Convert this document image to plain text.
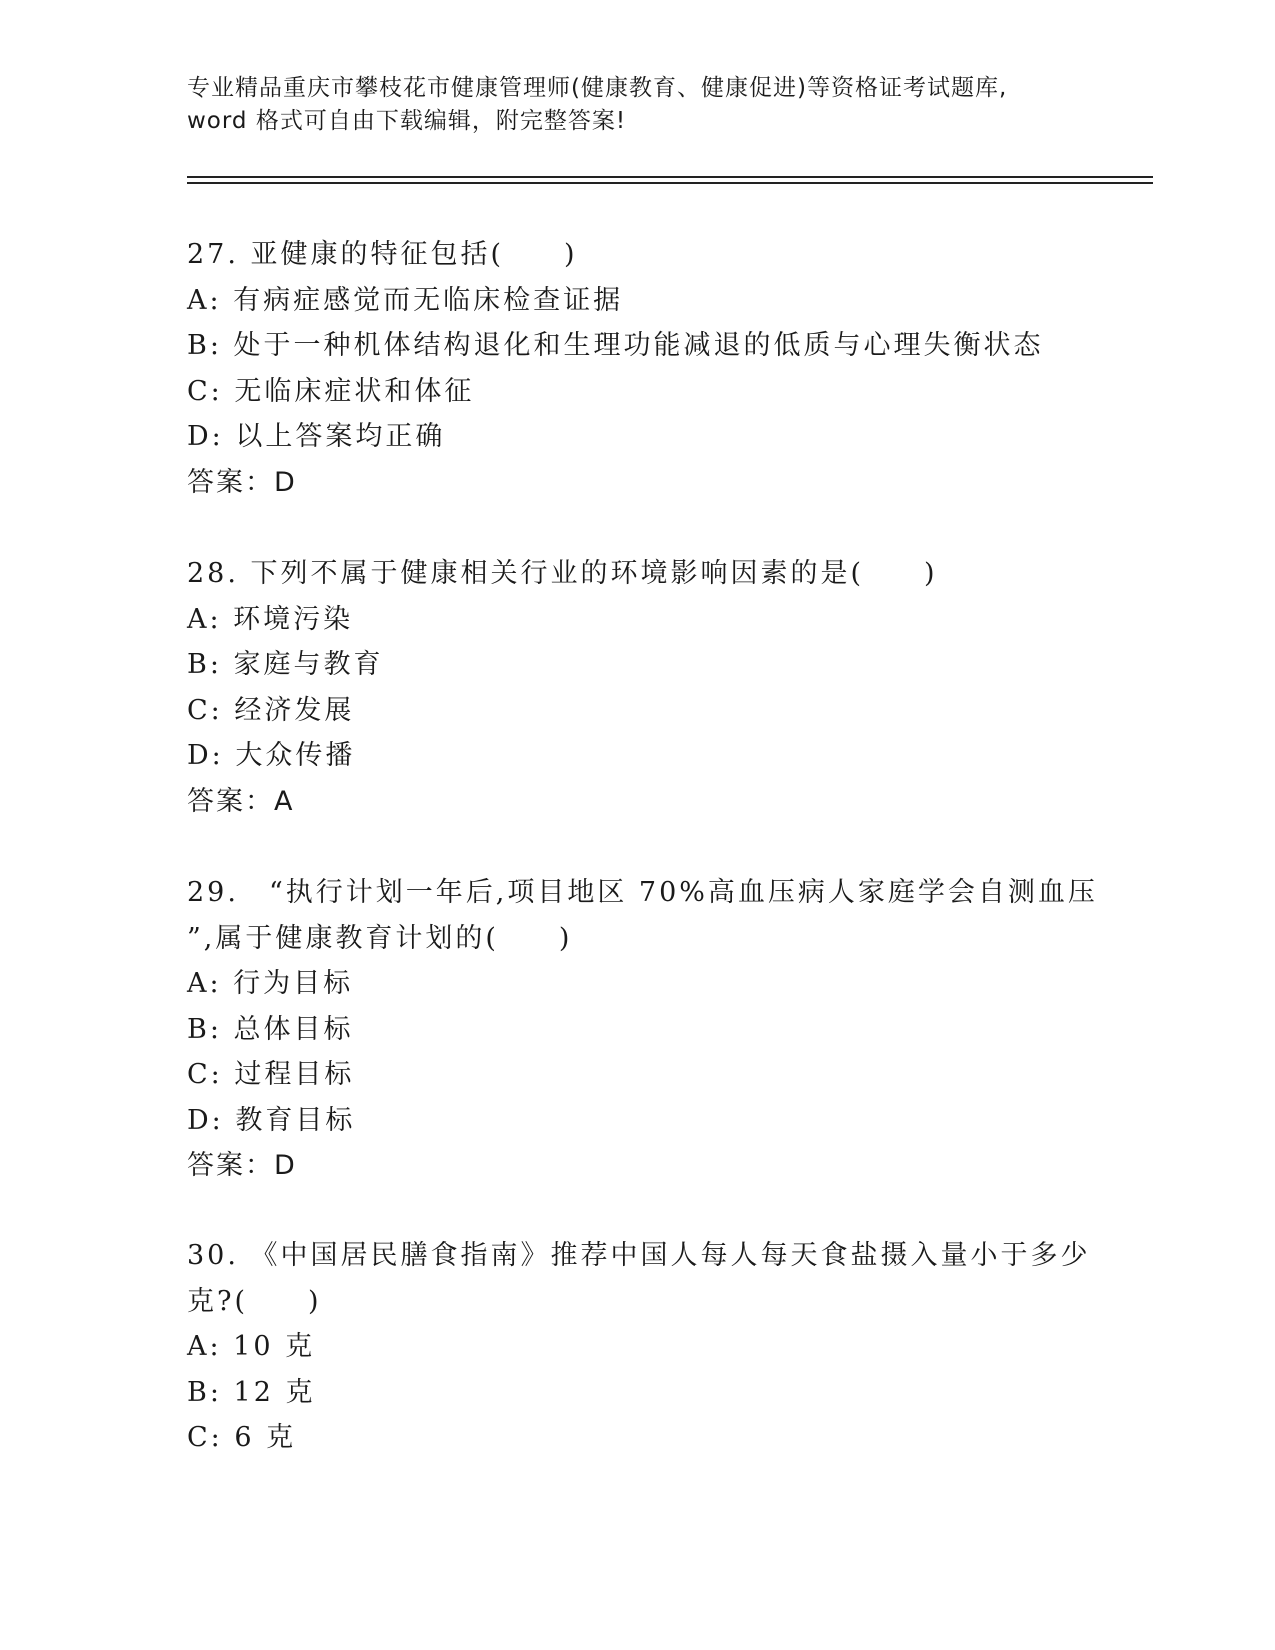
专业精品重庆市攀枝花市健康管理师(健康教育、健康促进)等资格证考试题库,
word 格式可自由下载编辑，附完整答案!
27. 亚健康的特征包括(　　)
A: 有病症感觉而无临床检查证据
B: 处于一种机体结构退化和生理功能减退的低质与心理失衡状态
C: 无临床症状和体征
D: 以上答案均正确
答案：D
28. 下列不属于健康相关行业的环境影响因素的是(　　)
A: 环境污染
B: 家庭与教育
C: 经济发展
D: 大众传播
答案：A
29.　“执行计划一年后,项目地区 70%高血压病人家庭学会自测血压
”,属于健康教育计划的(　　)
A: 行为目标
B: 总体目标
C: 过程目标
D: 教育目标
答案：D
30. 《中国居民膳食指南》推荐中国人每人每天食盐摄入量小于多少
克?(　　)
A: 10 克
B: 12 克
C: 6 克
